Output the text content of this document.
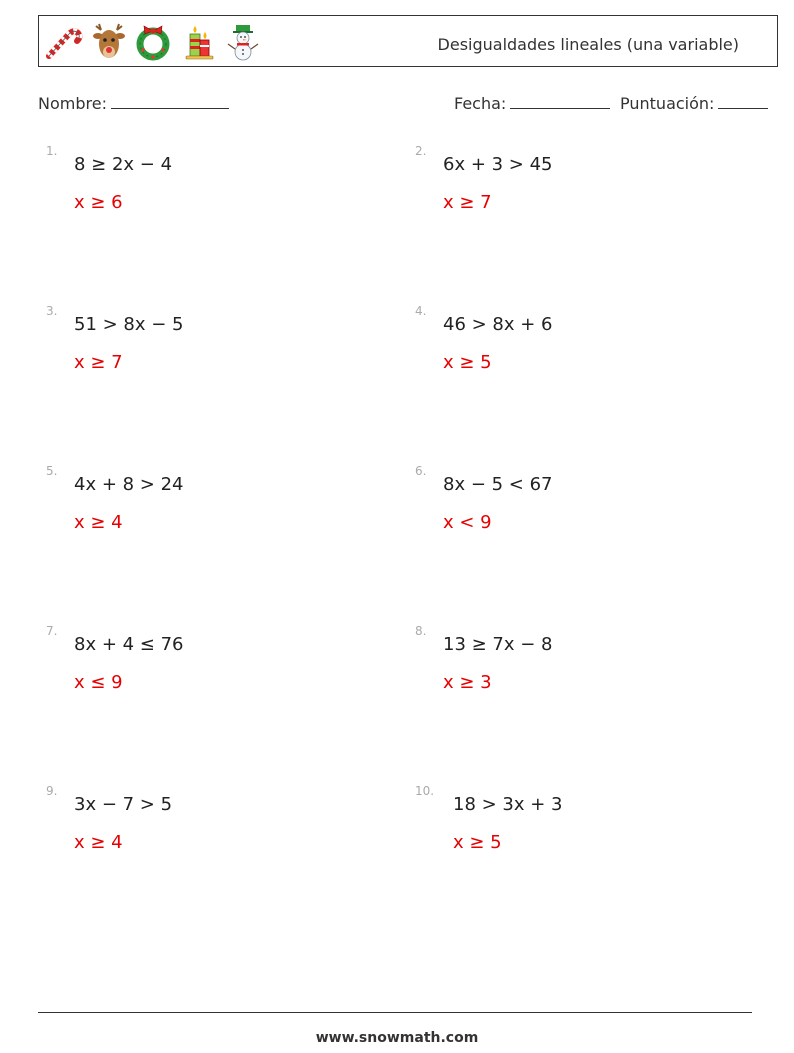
Desigualdades lineales (una variable)
Nombre:	Fecha:	Puntuación:
1.
8 ≥ 2x − 4
x ≥ 6
2.
6x + 3 > 45
x ≥ 7
3.
51 > 8x − 5
x ≥ 7
4.
46 > 8x + 6
x ≥ 5
5.
4x + 8 > 24
x ≥ 4
6.
8x − 5 < 67
x < 9
7.
8x + 4 ≤ 76
x ≤ 9
8.
13 ≥ 7x − 8
x ≥ 3
9.
3x − 7 > 5
x ≥ 4
10.
18 > 3x + 3
x ≥ 5
www.snowmath.com
